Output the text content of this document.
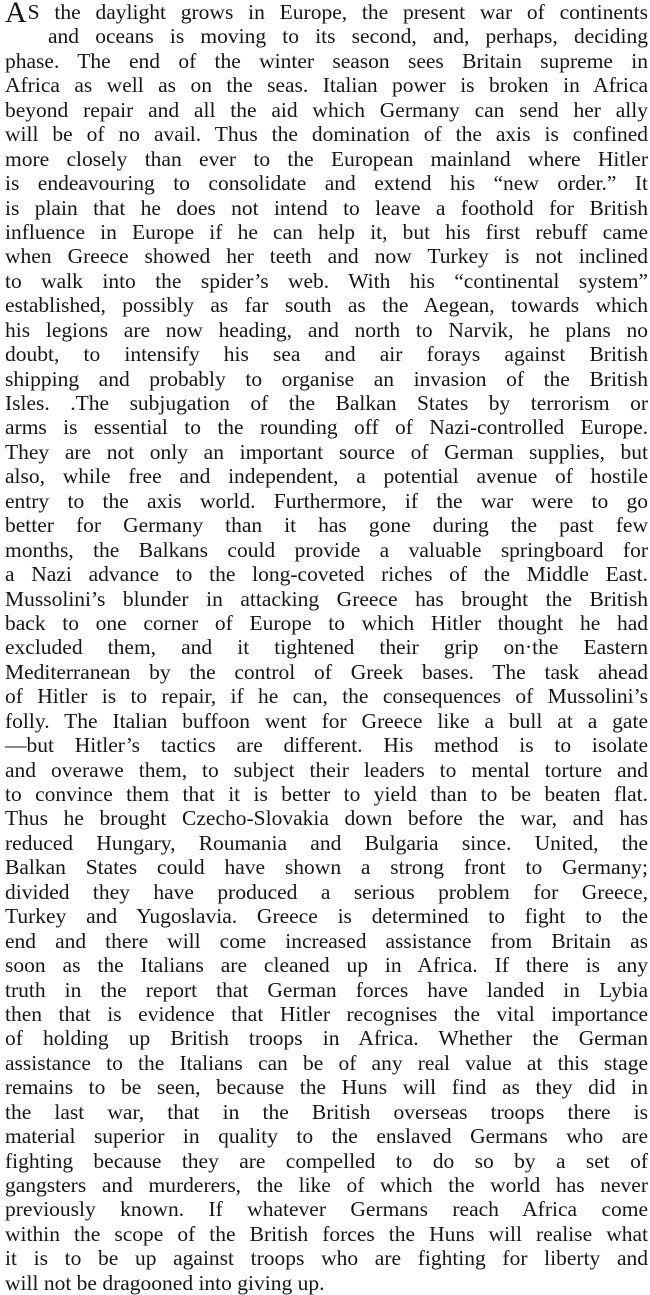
AS the daylight grows in Europe, the present war of continents
and oceans is moving to its second, and, perhaps, deciding
phase. The end of the winter season sees Britain supreme in
Africa as well as on the seas. Italian power is broken in Africa
beyond repair and all the aid which Germany can send her ally
will be of no avail. Thus the domination of the axis is confined
more closely than ever to the European mainland where Hitler
is endeavouring to consolidate and extend his “new order.” It
is plain that he does not intend to leave a foothold for British
influence in Europe if he can help it, but his first rebuff came
when Greece showed her teeth and now Turkey is not inclined
to walk into the spider’s web. With his “continental system”
established, possibly as far south as the Aegean, towards which
his legions are now heading, and north to Narvik, he plans no
doubt, to intensify his sea and air forays against British
shipping and probably to organise an invasion of the British
Isles. .The subjugation of the Balkan States by terrorism or
arms is essential to the rounding off of Nazi-controlled Europe.
They are not only an important source of German supplies, but
also, while free and independent, a potential avenue of hostile
entry to the axis world. Furthermore, if the war were to go
better for Germany than it has gone during the past few
months, the Balkans could provide a valuable springboard for
a Nazi advance to the long-coveted riches of the Middle East.
Mussolini’s blunder in attacking Greece has brought the British
back to one corner of Europe to which Hitler thought he had
excluded them, and it tightened their grip on·the Eastern
Mediterranean by the control of Greek bases. The task ahead
of Hitler is to repair, if he can, the consequences of Mussolini’s
folly. The Italian buffoon went for Greece like a bull at a gate
—but Hitler’s tactics are different. His method is to isolate
and overawe them, to subject their leaders to mental torture and
to convince them that it is better to yield than to be beaten flat.
Thus he brought Czecho-Slovakia down before the war, and has
reduced Hungary, Roumania and Bulgaria since. United, the
Balkan States could have shown a strong front to Germany;
divided they have produced a serious problem for Greece,
Turkey and Yugoslavia. Greece is determined to fight to the
end and there will come increased assistance from Britain as
soon as the Italians are cleaned up in Africa. If there is any
truth in the report that German forces have landed in Lybia
then that is evidence that Hitler recognises the vital importance
of holding up British troops in Africa. Whether the German
assistance to the Italians can be of any real value at this stage
remains to be seen, because the Huns will find as they did in
the last war, that in the British overseas troops there is
material superior in quality to the enslaved Germans who are
fighting because they are compelled to do so by a set of
gangsters and murderers, the like of which the world has never
previously known. If whatever Germans reach Africa come
within the scope of the British forces the Huns will realise what
it is to be up against troops who are fighting for liberty and
will not be dragooned into giving up.
